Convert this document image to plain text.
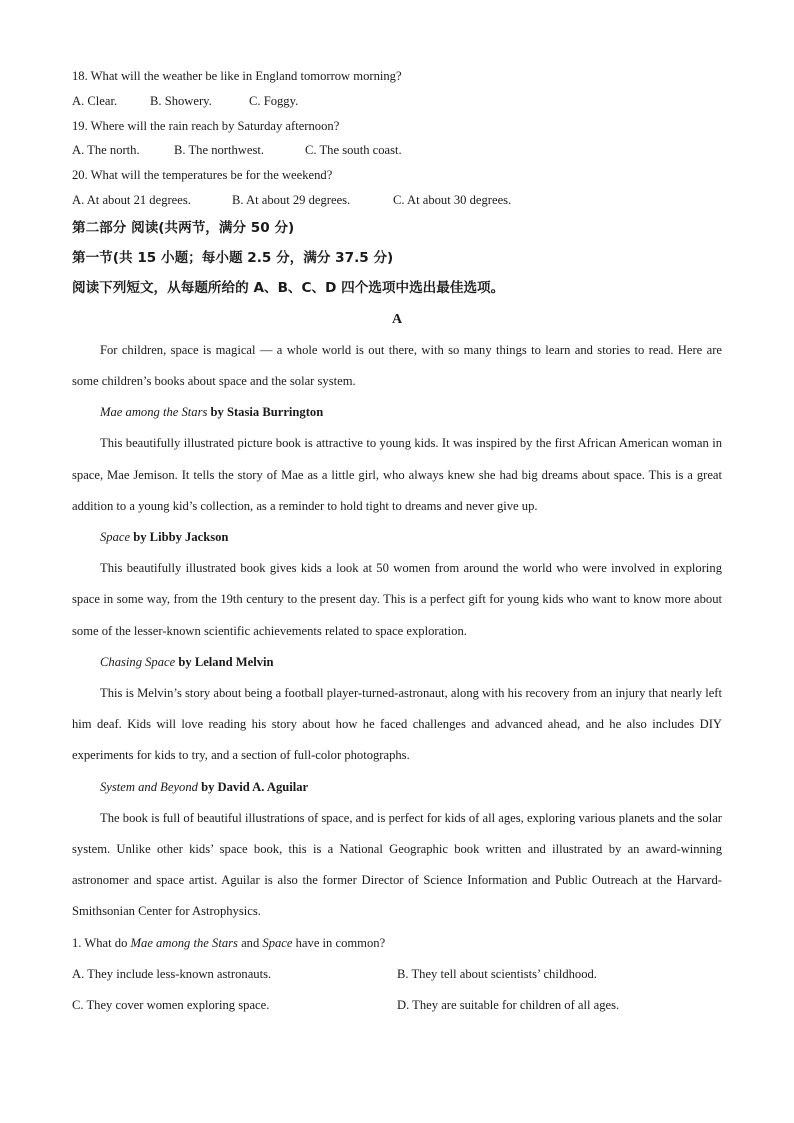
18. What will the weather be like in England tomorrow morning?
A. Clear.	B. Showery.	C. Foggy.
19. Where will the rain reach by Saturday afternoon?
A. The north.	B. The northwest.	C. The south coast.
20. What will the temperatures be for the weekend?
A. At about 21 degrees.	B. At about 29 degrees.	C. At about 30 degrees.
第二部分 阅读(共两节，满分 50 分)
第一节(共 15 小题；每小题 2.5 分，满分 37.5 分)
阅读下列短文，从每题所给的 A、B、C、D 四个选项中选出最佳选项。
A

For children, space is magical — a whole world is out there, with so many things to learn and stories to read. Here are some children’s books about space and the solar system.

Mae among the Stars by Stasia Burrington

This beautifully illustrated picture book is attractive to young kids. It was inspired by the first African American woman in space, Mae Jemison. It tells the story of Mae as a little girl, who always knew she had big dreams about space. This is a great addition to a young kid’s collection, as a reminder to hold tight to dreams and never give up.

Space by Libby Jackson

This beautifully illustrated book gives kids a look at 50 women from around the world who were involved in exploring space in some way, from the 19th century to the present day. This is a perfect gift for young kids who want to know more about some of the lesser-known scientific achievements related to space exploration.

Chasing Space by Leland Melvin

This is Melvin’s story about being a football player-turned-astronaut, along with his recovery from an injury that nearly left him deaf. Kids will love reading his story about how he faced challenges and advanced ahead, and he also includes DIY experiments for kids to try, and a section of full-color photographs.

System and Beyond by David A. Aguilar

The book is full of beautiful illustrations of space, and is perfect for kids of all ages, exploring various planets and the solar system. Unlike other kids’ space book, this is a National Geographic book written and illustrated by an award-winning astronomer and space artist. Aguilar is also the former Director of Science Information and Public Outreach at the Harvard-Smithsonian Center for Astrophysics.

1. What do Mae among the Stars and Space have in common?
A. They include less-known astronauts.	B. They tell about scientists’ childhood.
C. They cover women exploring space.	D. They are suitable for children of all ages.
